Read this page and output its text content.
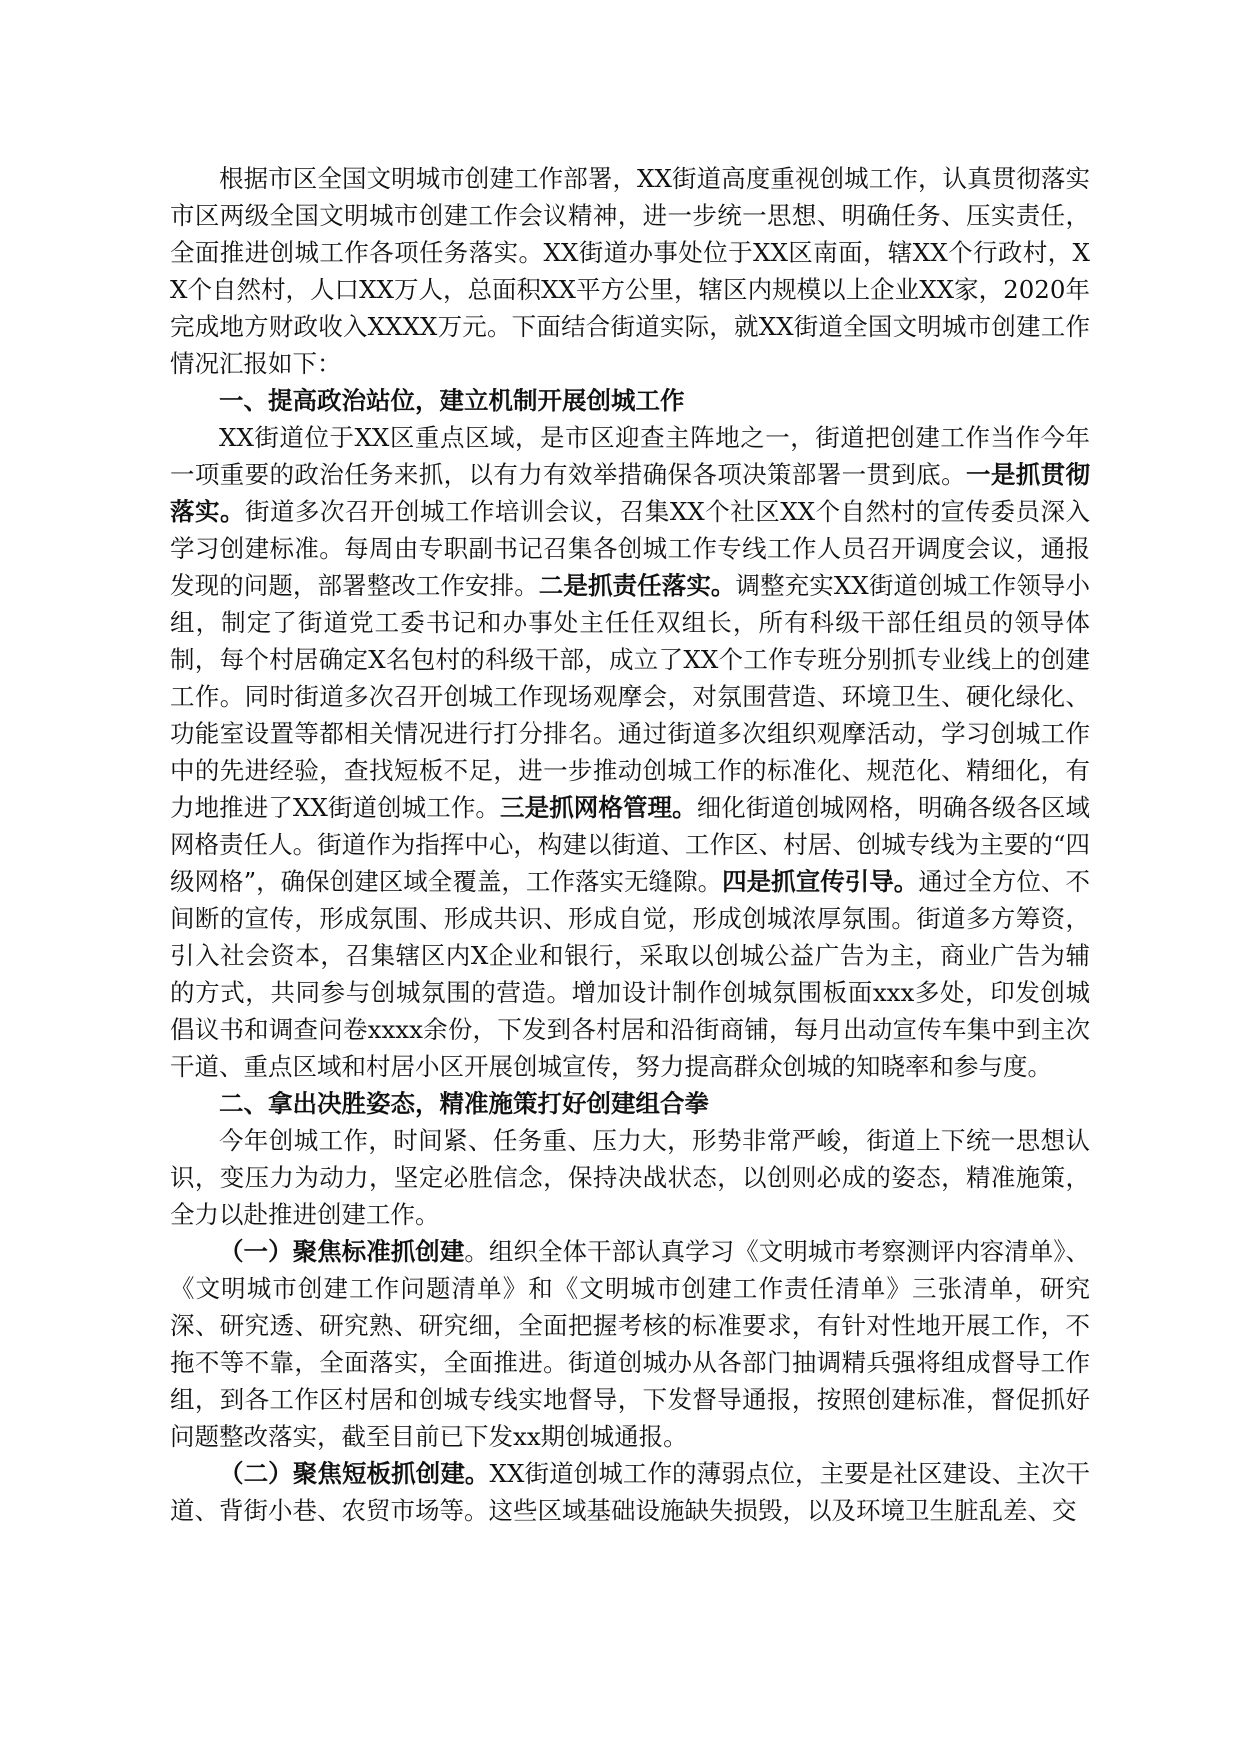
根据市区全国文明城市创建工作部署，XX街道高度重视创城工作，认真贯彻落实市区两级全国文明城市创建工作会议精神，进一步统一思想、明确任务、压实责任，全面推进创城工作各项任务落实。XX街道办事处位于XX区南面，辖XX个行政村，XX个自然村，人口XX万人，总面积XX平方公里，辖区内规模以上企业XX家，2020年完成地方财政收入XXXX万元。下面结合街道实际，就XX街道全国文明城市创建工作情况汇报如下：

一、提高政治站位，建立机制开展创城工作

XX街道位于XX区重点区域，是市区迎查主阵地之一，街道把创建工作当作今年一项重要的政治任务来抓，以有力有效举措确保各项决策部署一贯到底。一是抓贯彻落实。街道多次召开创城工作培训会议，召集XX个社区XX个自然村的宣传委员深入学习创建标准。每周由专职副书记召集各创城工作专线工作人员召开调度会议，通报发现的问题，部署整改工作安排。二是抓责任落实。调整充实XX街道创城工作领导小组，制定了街道党工委书记和办事处主任任双组长，所有科级干部任组员的领导体制，每个村居确定X名包村的科级干部，成立了XX个工作专班分别抓专业线上的创建工作。同时街道多次召开创城工作现场观摩会，对氛围营造、环境卫生、硬化绿化、功能室设置等都相关情况进行打分排名。通过街道多次组织观摩活动，学习创城工作中的先进经验，查找短板不足，进一步推动创城工作的标准化、规范化、精细化，有力地推进了XX街道创城工作。三是抓网格管理。细化街道创城网格，明确各级各区域网格责任人。街道作为指挥中心，构建以街道、工作区、村居、创城专线为主要的“四级网格”，确保创建区域全覆盖，工作落实无缝隙。四是抓宣传引导。通过全方位、不间断的宣传，形成氛围、形成共识、形成自觉，形成创城浓厚氛围。街道多方筹资，引入社会资本，召集辖区内X企业和银行，采取以创城公益广告为主，商业广告为辅的方式，共同参与创城氛围的营造。增加设计制作创城氛围板面xxx多处，印发创城倡议书和调查问卷xxxx余份，下发到各村居和沿街商铺，每月出动宣传车集中到主次干道、重点区域和村居小区开展创城宣传，努力提高群众创城的知晓率和参与度。

二、拿出决胜姿态，精准施策打好创建组合拳

今年创城工作，时间紧、任务重、压力大，形势非常严峻，街道上下统一思想认识，变压力为动力，坚定必胜信念，保持决战状态，以创则必成的姿态，精准施策，全力以赴推进创建工作。

（一）聚焦标准抓创建。组织全体干部认真学习《文明城市考察测评内容清单》、《文明城市创建工作问题清单》和《文明城市创建工作责任清单》三张清单，研究深、研究透、研究熟、研究细，全面把握考核的标准要求，有针对性地开展工作，不拖不等不靠，全面落实，全面推进。街道创城办从各部门抽调精兵强将组成督导工作组，到各工作区村居和创城专线实地督导，下发督导通报，按照创建标准，督促抓好问题整改落实，截至目前已下发xx期创城通报。

（二）聚焦短板抓创建。XX街道创城工作的薄弱点位，主要是社区建设、主次干道、背街小巷、农贸市场等。这些区域基础设施缺失损毁，以及环境卫生脏乱差、交
